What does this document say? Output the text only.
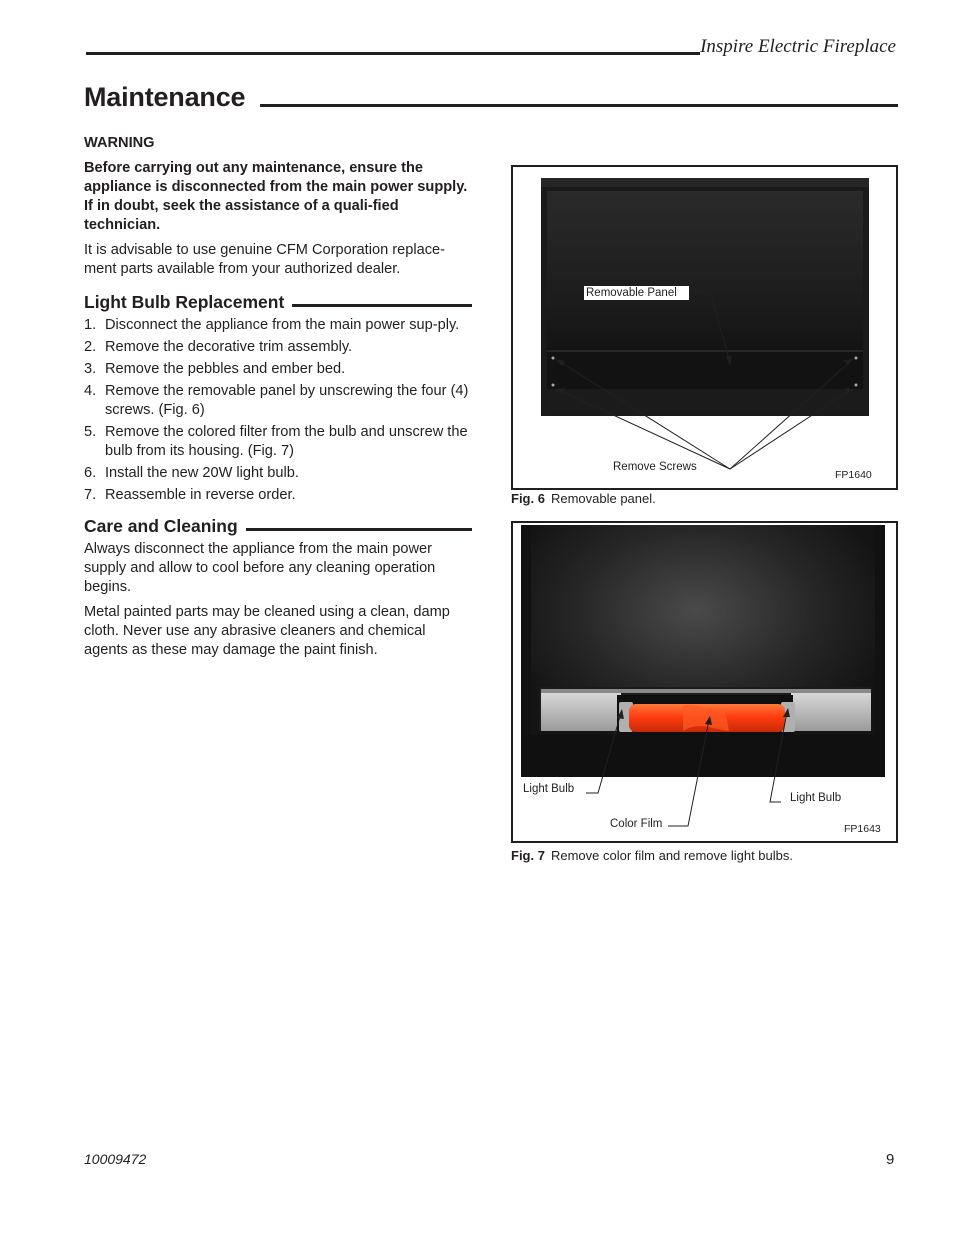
Inspire Electric Fireplace
Maintenance

WARNING

Before carrying out any maintenance, ensure the appliance is disconnected from the main power supply. If in doubt, seek the assistance of a quali-fied technician.

It is advisable to use genuine CFM Corporation replace-ment parts available from your authorized dealer.

Light Bulb Replacement
1. Disconnect the appliance from the main power sup-ply.
2. Remove the decorative trim assembly.
3. Remove the pebbles and ember bed.
4. Remove the removable panel by unscrewing the four (4) screws. (Fig. 6)
5. Remove the colored filter from the bulb and unscrew the bulb from its housing. (Fig. 7)
6. Install the new 20W light bulb.
7. Reassemble in reverse order.
Care and Cleaning

Always disconnect the appliance from the main power supply and allow to cool before any cleaning operation begins.

Metal painted parts may be cleaned using a clean, damp cloth. Never use any abrasive cleaners and chemical agents as these may damage the paint finish.

Removable Panel
Remove Screws
FP1640
Fig. 6 Removable panel.
Light Bulb
Light Bulb
Color Film	FP1643
Fig. 7 Remove color film and remove light bulbs.
10009472	9
